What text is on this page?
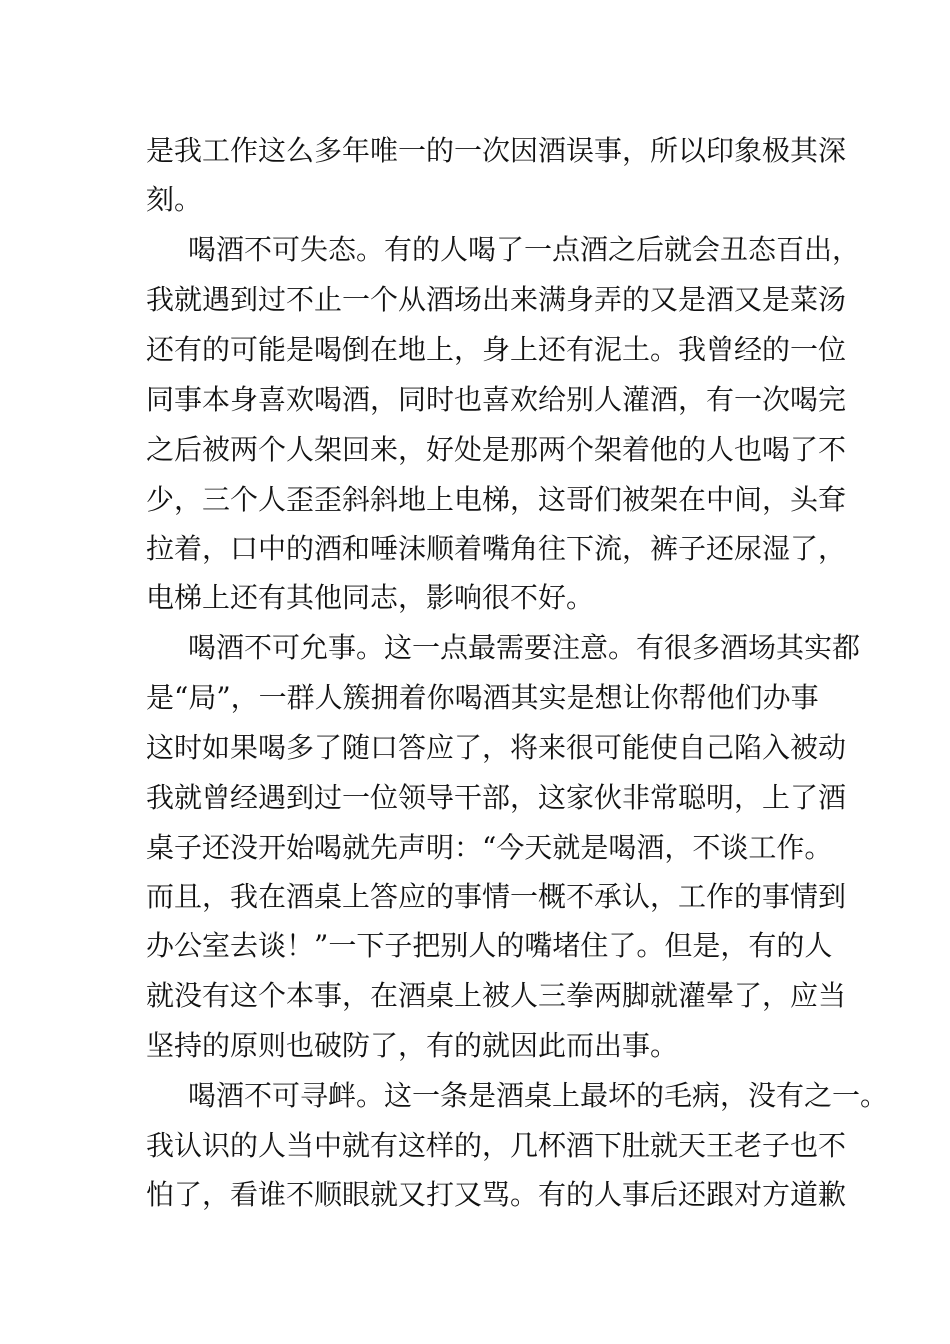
是我工作这么多年唯一的一次因酒误事，所以印象极其深
刻。
喝酒不可失态。有的人喝了一点酒之后就会丑态百出，
我就遇到过不止一个从酒场出来满身弄的又是酒又是菜汤
还有的可能是喝倒在地上，身上还有泥土。我曾经的一位
同事本身喜欢喝酒，同时也喜欢给别人灌酒，有一次喝完
之后被两个人架回来，好处是那两个架着他的人也喝了不
少，三个人歪歪斜斜地上电梯，这哥们被架在中间，头耷
拉着，口中的酒和唾沫顺着嘴角往下流，裤子还尿湿了，
电梯上还有其他同志，影响很不好。
喝酒不可允事。这一点最需要注意。有很多酒场其实都
是“局”，一群人簇拥着你喝酒其实是想让你帮他们办事
这时如果喝多了随口答应了，将来很可能使自己陷入被动
我就曾经遇到过一位领导干部，这家伙非常聪明，上了酒
桌子还没开始喝就先声明：“今天就是喝酒，不谈工作。
而且，我在酒桌上答应的事情一概不承认，工作的事情到
办公室去谈！”一下子把别人的嘴堵住了。但是，有的人
就没有这个本事，在酒桌上被人三拳两脚就灌晕了，应当
坚持的原则也破防了，有的就因此而出事。
喝酒不可寻衅。这一条是酒桌上最坏的毛病，没有之一。
我认识的人当中就有这样的，几杯酒下肚就天王老子也不
怕了，看谁不顺眼就又打又骂。有的人事后还跟对方道歉
